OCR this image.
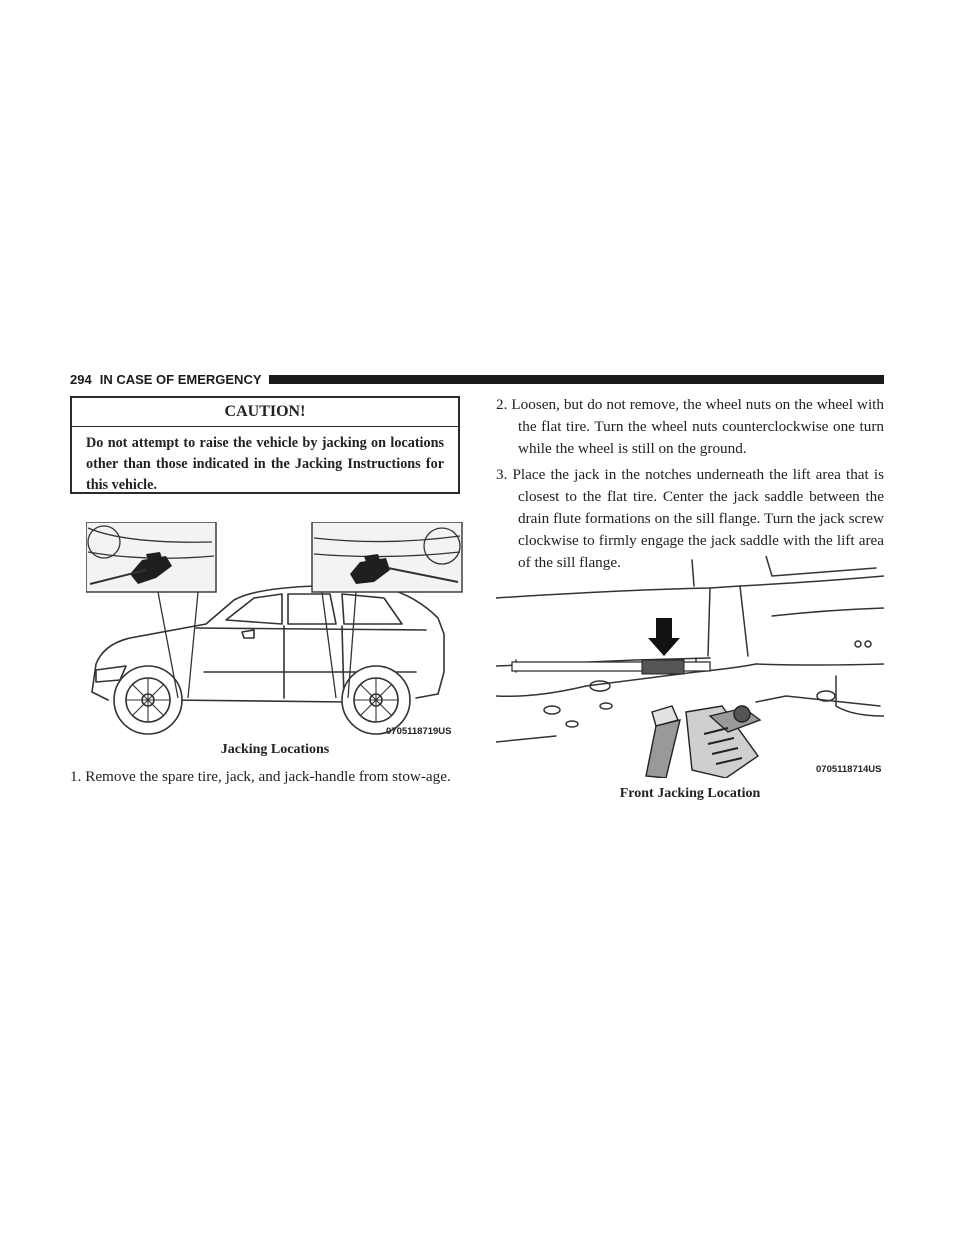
294 IN CASE OF EMERGENCY
CAUTION!
Do not attempt to raise the vehicle by jacking on locations other than those indicated in the Jacking Instructions for this vehicle.
0705118719US
Jacking Locations
1. Remove the spare tire, jack, and jack-handle from stow-age.
2. Loosen, but do not remove, the wheel nuts on the wheel with the flat tire. Turn the wheel nuts counterclockwise one turn while the wheel is still on the ground.
3. Place the jack in the notches underneath the lift area that is closest to the flat tire. Center the jack saddle between the drain flute formations on the sill flange. Turn the jack screw clockwise to firmly engage the jack saddle with the lift area of the sill flange.
0705118714US
Front Jacking Location
